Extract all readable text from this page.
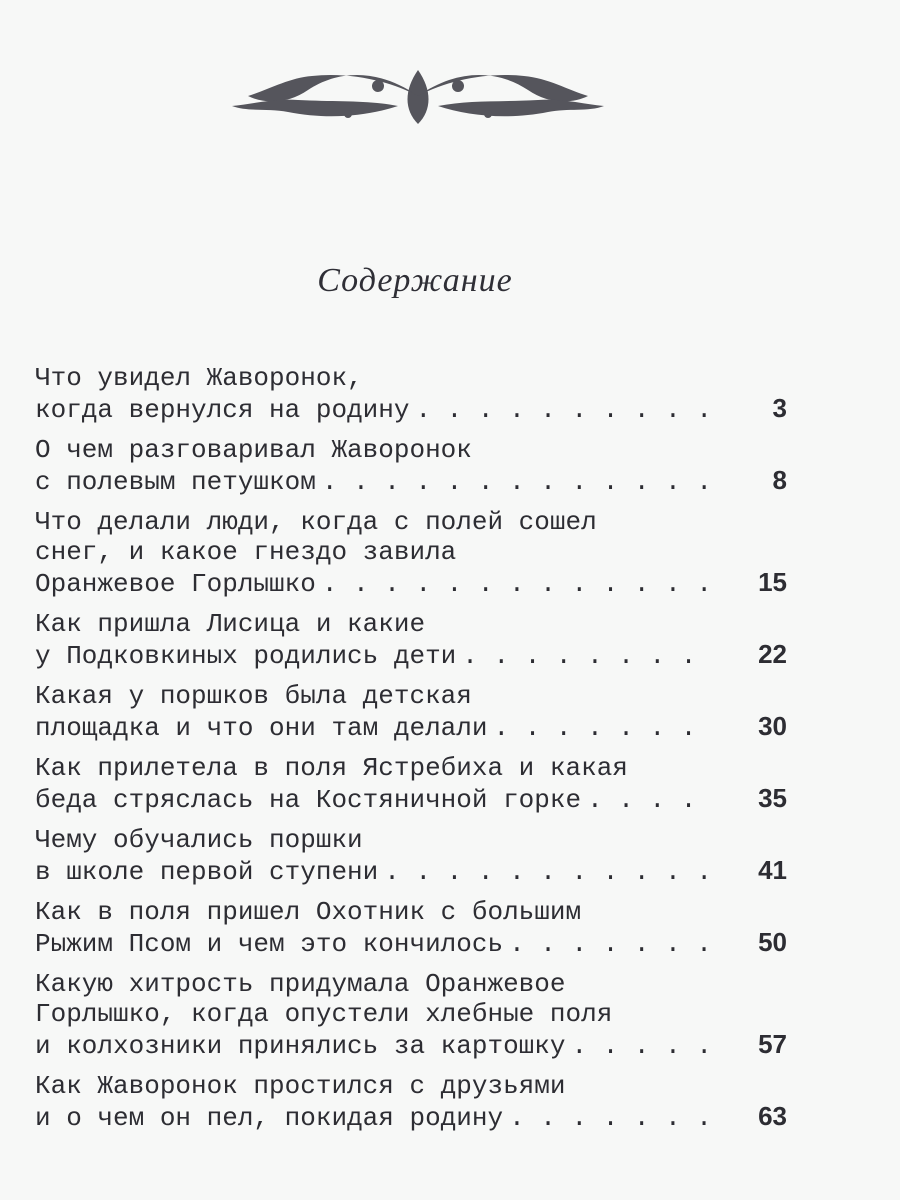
Содержание
Что увидел Жаворонок,
когда вернулся на родину . . .	3
О чем разговаривал Жаворонок
с полевым петушком . . .	8
Что делали люди, когда с полей сошел
снег, и какое гнездо завила
Оранжевое Горлышко . . .	15
Как пришла Лисица и какие
у Подковкиных родились дети . . .	22
Какая у поршков была детская
площадка и что они там делали . . .	30
Как прилетела в поля Ястребиха и какая
беда стряслась на Костяничной горке . . .	35
Чему обучались поршки
в школе первой ступени . . .	41
Как в поля пришел Охотник с большим
Рыжим Псом и чем это кончилось . . .	50
Какую хитрость придумала Оранжевое
Горлышко, когда опустели хлебные поля
и колхозники принялись за картошку . . .	57
Как Жаворонок простился с друзьями
и о чем он пел, покидая родину . . .	63
